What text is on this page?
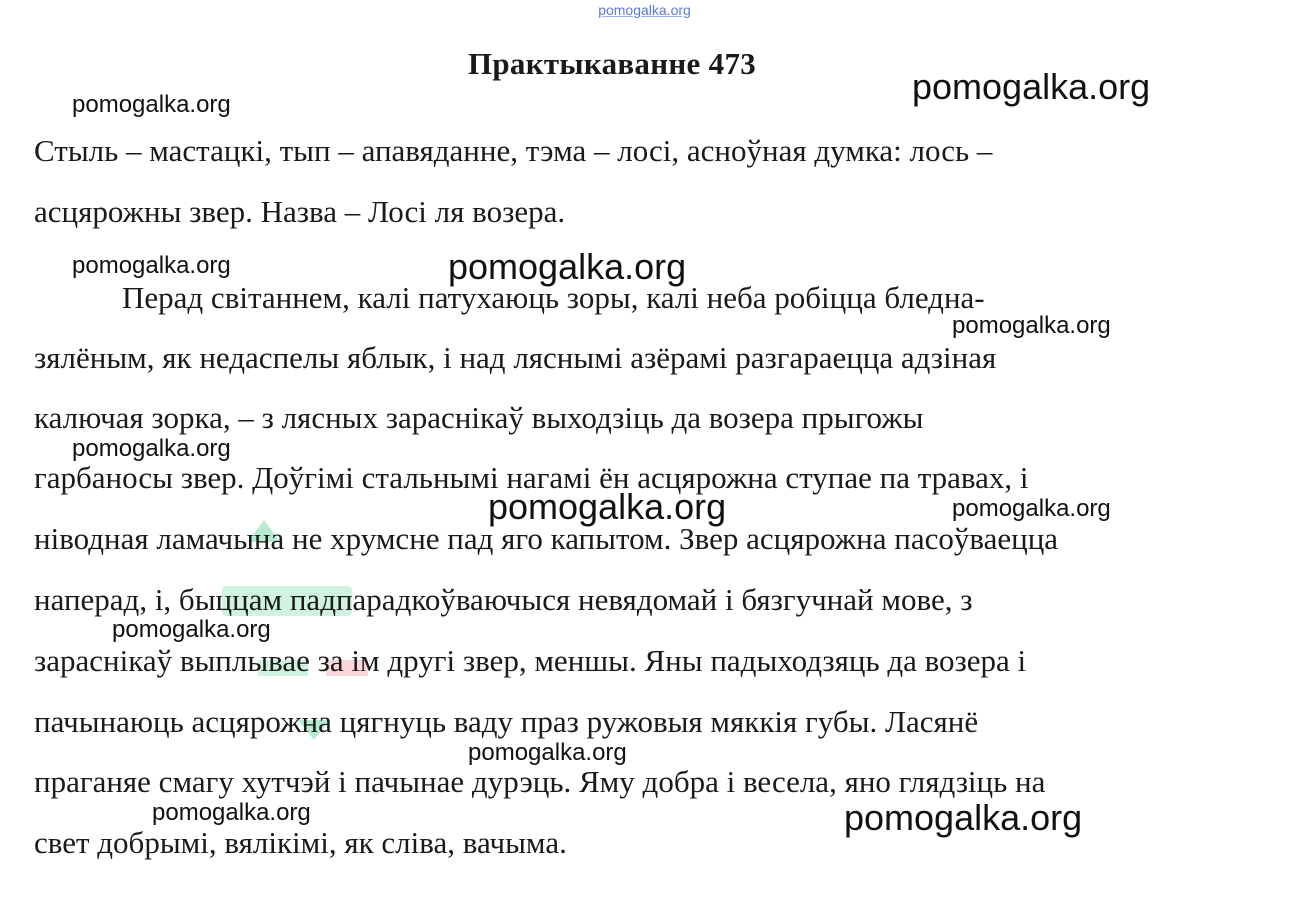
pomogalka.org
Практыкаванне 473
Стыль – мастацкі, тып – апавяданне, тэма – лосі, асноўная думка: лось –
асцярожны звер. Назва – Лосі ля возера.
Перад світаннем, калі патухаюць зоры, калі неба робіцца бледна-
зялёным, як недаспелы яблык, і над ляснымі азёрамі разгараецца адзіная
калючая зорка, – з лясных зараснікаў выходзіць да возера прыгожы
гарбаносы звер. Доўгімі стальнымі нагамі ён асцярожна ступае па травах, і
ніводная ламачына не хрумсне пад яго капытом. Звер асцярожна пасоўваецца
наперад, і, быццам падпарадкоўваючыся невядомай і бязгучнай мове, з
зараснікаў выплывае за ім другі звер, меншы. Яны падыходзяць да возера і
пачынаюць асцярожна цягнуць ваду праз ружовыя мяккія губы. Ласянё
праганяе смагу хутчэй і пачынае дурэць. Яму добра і весела, яно глядзіць на
свет добрымі, вялікімі, як сліва, вачыма.
pomogalka.org
pomogalka.org
pomogalka.org	pomogalka.org
pomogalka.org
pomogalka.org
pomogalka.org	pomogalka.org
pomogalka.org
pomogalka.org
pomogalka.org	pomogalka.org
